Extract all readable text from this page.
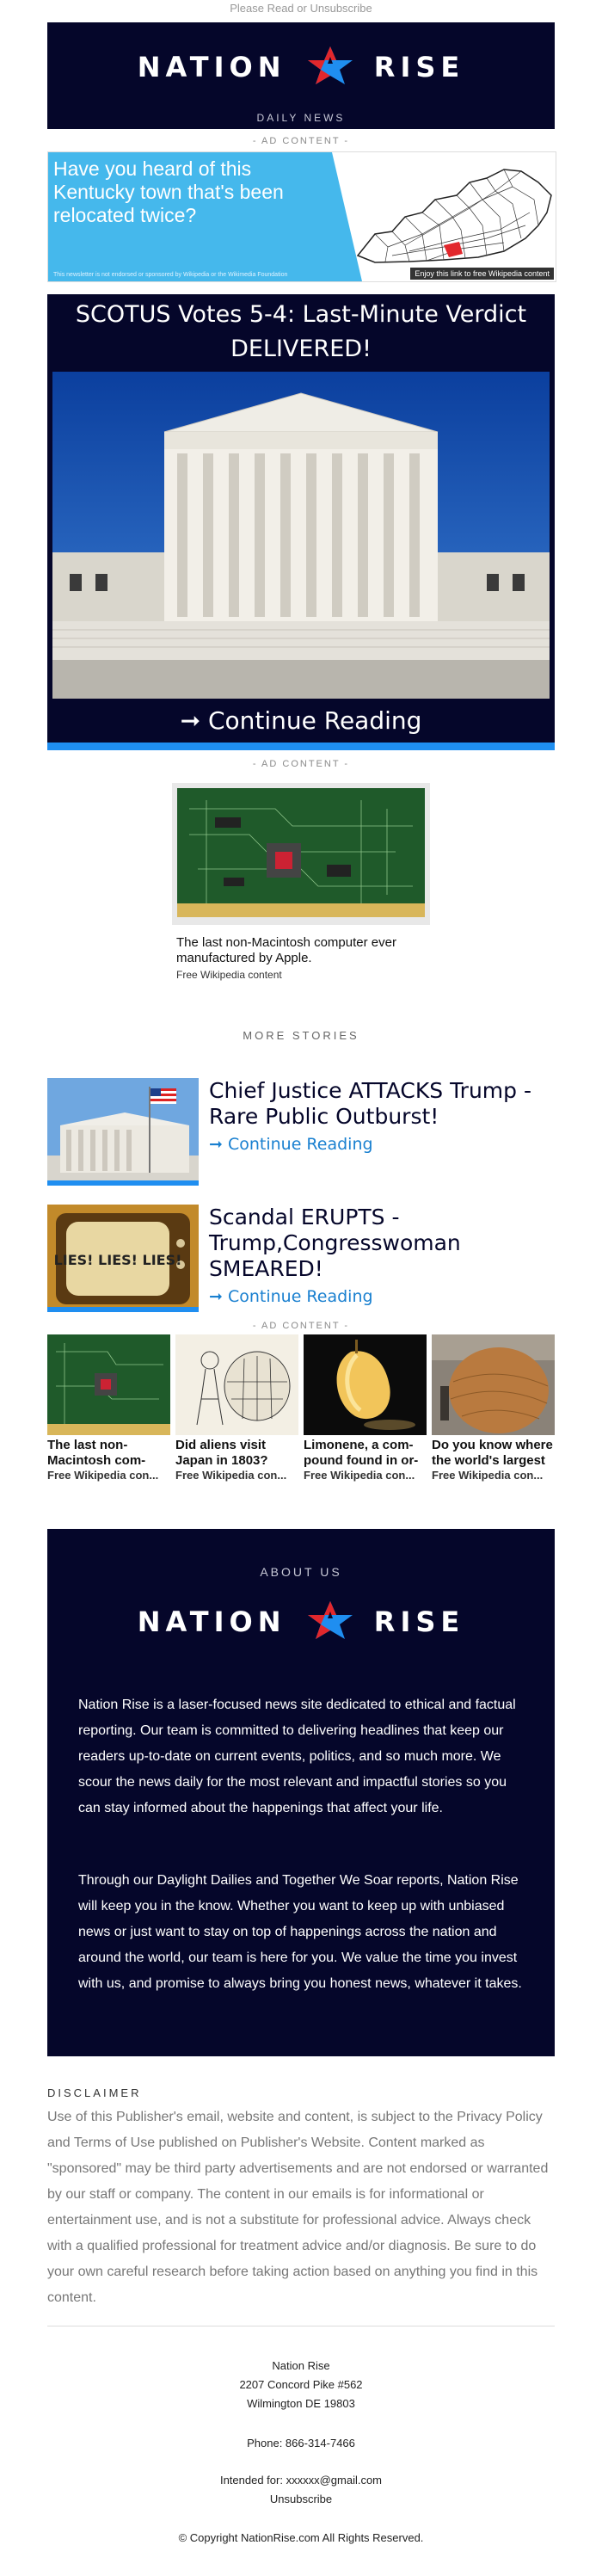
Please Read or Unsubscribe
NATION	RISE
DAILY NEWS
- AD CONTENT -
Have you heard of this Kentucky town that's been relocated twice?
This newsletter is not endorsed or sponsored by Wikipedia or the Wikimedia Foundation	Enjoy this link to free Wikipedia content
SCOTUS Votes 5-4: Last-Minute Verdict DELIVERED!
➞ Continue Reading
- AD CONTENT -
The last non-Macintosh computer ever manufactured by Apple.
Free Wikipedia content
MORE STORIES
Chief Justice ATTACKS Trump - Rare Public Outburst!
➞ Continue Reading
LIES! LIES! LIES!
Scandal ERUPTS - Trump,Congresswoman SMEARED!
➞ Continue Reading
- AD CONTENT -
The last non-Macintosh com-
Free Wikipedia con...
Did aliens visit Japan in 1803?
Free Wikipedia con...
Limonene, a com-pound found in or-
Free Wikipedia con...
Do you know where the world's largest
Free Wikipedia con...
ABOUT US
NATION	RISE

Nation Rise is a laser-focused news site dedicated to ethical and factual reporting. Our team is committed to delivering headlines that keep our readers up-to-date on current events, politics, and so much more. We scour the news daily for the most relevant and impactful stories so you can stay informed about the happenings that affect your life.

Through our Daylight Dailies and Together We Soar reports, Nation Rise will keep you in the know. Whether you want to keep up with unbiased news or just want to stay on top of happenings across the nation and around the world, our team is here for you. We value the time you invest with us, and promise to always bring you honest news, whatever it takes.

DISCLAIMER

Use of this Publisher's email, website and content, is subject to the Privacy Policy and Terms of Use published on Publisher's Website. Content marked as "sponsored" may be third party advertisements and are not endorsed or warranted by our staff or company. The content in our emails is for informational or entertainment use, and is not a substitute for professional advice. Always check with a qualified professional for treatment advice and/or diagnosis. Be sure to do your own careful research before taking action based on anything you find in this content.

Nation Rise
2207 Concord Pike #562
Wilmington DE 19803
Phone: 866-314-7466
Intended for: xxxxxx@gmail.com
Unsubscribe
© Copyright NationRise.com All Rights Reserved.
